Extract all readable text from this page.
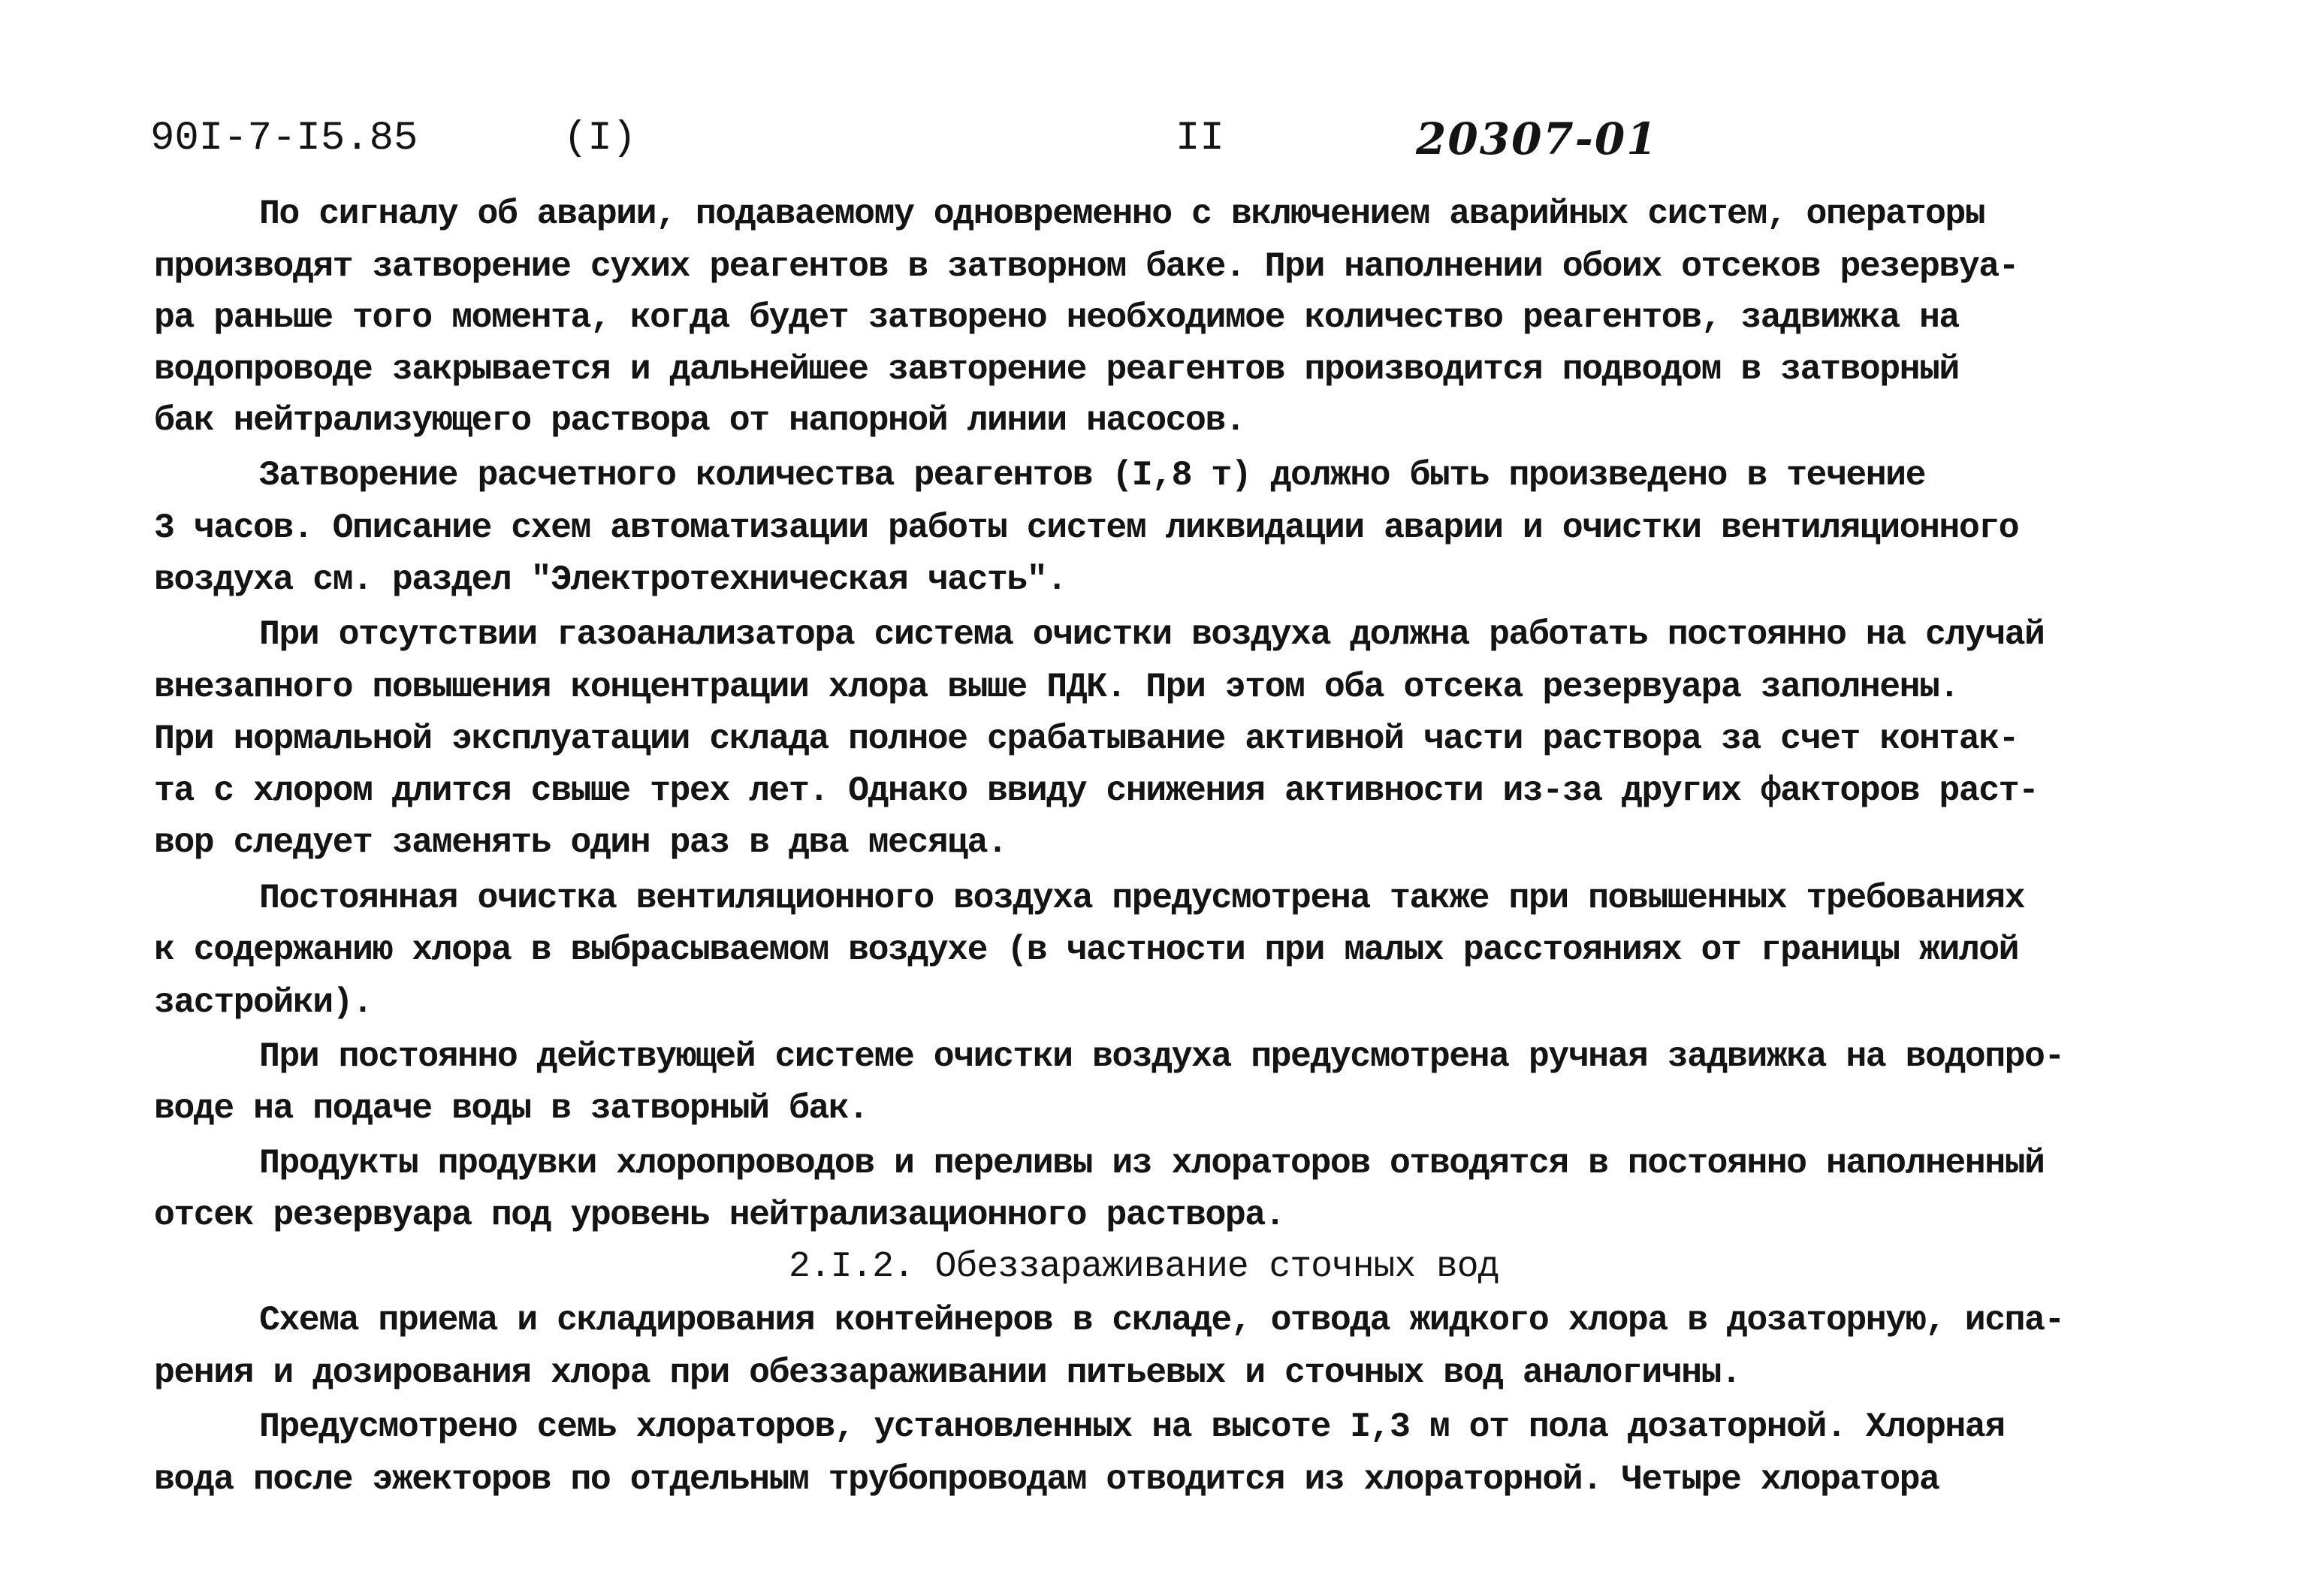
90I-7-I5.85	(I)	II	20307-01
По сигналу об аварии, подаваемому одновременно с включением аварийных систем, операторы
производят затворение сухих реагентов в затворном баке. При наполнении обоих отсеков резервуа-
ра раньше того момента, когда будет затворено необходимое количество реагентов, задвижка на
водопроводе закрывается и дальнейшее завторение реагентов производится подводом в затворный
бак нейтрализующего раствора от напорной линии насосов.
Затворение расчетного количества реагентов (I,8 т) должно быть произведено в течение
3 часов. Описание схем автоматизации работы систем ликвидации аварии и очистки вентиляционного
воздуха см. раздел "Электротехническая часть".
При отсутствии газоанализатора система очистки воздуха должна работать постоянно на случай
внезапного повышения концентрации хлора выше ПДК. При этом оба отсека резервуара заполнены.
При нормальной эксплуатации склада полное срабатывание активной части раствора за счет контак-
та с хлором длится свыше трех лет. Однако ввиду снижения активности из-за других факторов раст-
вор следует заменять один раз в два месяца.
Постоянная очистка вентиляционного воздуха предусмотрена также при повышенных требованиях
к содержанию хлора в выбрасываемом воздухе (в частности при малых расстояниях от границы жилой
застройки).
При постоянно действующей системе очистки воздуха предусмотрена ручная задвижка на водопро-
воде на подаче воды в затворный бак.
Продукты продувки хлоропроводов и переливы из хлораторов отводятся в постоянно наполненный
отсек резервуара под уровень нейтрализационного раствора.
2.I.2. Обеззараживание сточных вод
Схема приема и складирования контейнеров в складе, отвода жидкого хлора в дозаторную, испа-
рения и дозирования хлора при обеззараживании питьевых и сточных вод аналогичны.
Предусмотрено семь хлораторов, установленных на высоте I,3 м от пола дозаторной. Хлорная
вода после эжекторов по отдельным трубопроводам отводится из хлораторной. Четыре хлоратора
